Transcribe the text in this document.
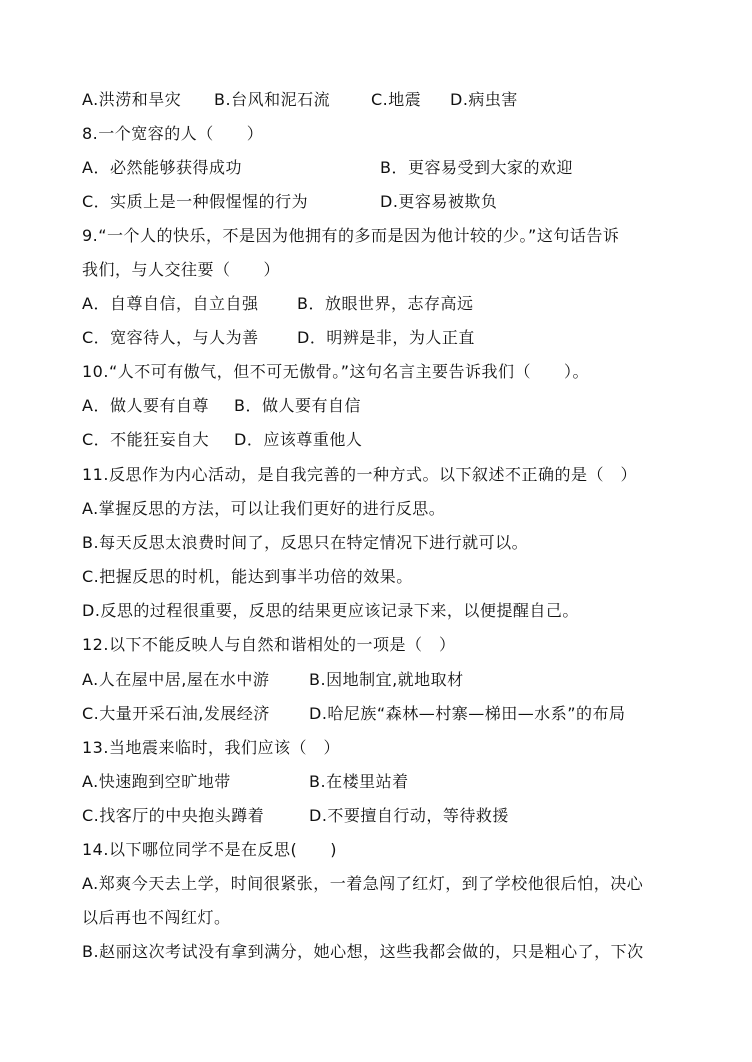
A.洪涝和旱灾 B.台风和泥石流	C.地震 D.病虫害
8.一个宽容的人（　　）
A．必然能够获得成功	B．更容易受到大家的欢迎
C．实质上是一种假惺惺的行为	D.更容易被欺负
9.“一个人的快乐，不是因为他拥有的多而是因为他计较的少。”这句话告诉
我们，与人交往要（　　）
A．自尊自信，自立自强 B．放眼世界，志存高远
C．宽容待人，与人为善 D．明辨是非，为人正直
10.“人不可有傲气，但不可无傲骨。”这句名言主要告诉我们（　　）。
A．做人要有自尊 B．做人要有自信
C．不能狂妄自大 D．应该尊重他人
11.反思作为内心活动，是自我完善的一种方式。以下叙述不正确的是（　）
A.掌握反思的方法，可以让我们更好的进行反思。
B.每天反思太浪费时间了，反思只在特定情况下进行就可以。
C.把握反思的时机，能达到事半功倍的效果。
D.反思的过程很重要，反思的结果更应该记录下来，以便提醒自己。
12.以下不能反映人与自然和谐相处的一项是（　）
A.人在屋中居,屋在水中游 B.因地制宜,就地取材
C.大量开采石油,发展经济 D.哈尼族“森林—村寨—梯田—水系”的布局
13.当地震来临时，我们应该（　）
A.快速跑到空旷地带	B.在楼里站着
C.找客厅的中央抱头蹲着	D.不要擅自行动，等待救援
14.以下哪位同学不是在反思(　　)
A.郑爽今天去上学，时间很紧张，一着急闯了红灯，到了学校他很后怕，决心
以后再也不闯红灯。
B.赵丽这次考试没有拿到满分，她心想，这些我都会做的，只是粗心了，下次
